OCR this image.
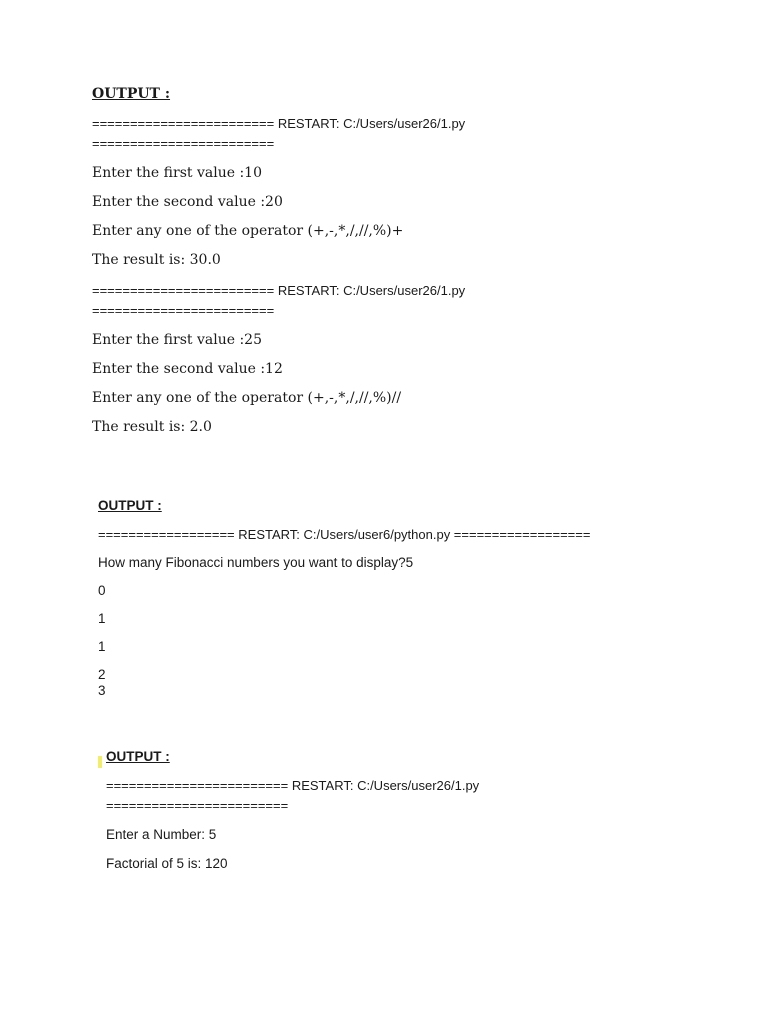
OUTPUT :
======================== RESTART: C:/Users/user26/1.py
========================
Enter the first value :10
Enter the second value :20
Enter any one of the operator (+,-,*,/,//,%)+
The result is: 30.0
======================== RESTART: C:/Users/user26/1.py
========================
Enter the first value :25
Enter the second value :12
Enter any one of the operator (+,-,*,/,//,%)//
The result is: 2.0
OUTPUT :
================== RESTART: C:/Users/user6/python.py ==================
How many Fibonacci numbers you want to display?5
0
1
1
2
3
OUTPUT :
======================== RESTART: C:/Users/user26/1.py
========================
Enter a Number: 5
Factorial of 5 is: 120
